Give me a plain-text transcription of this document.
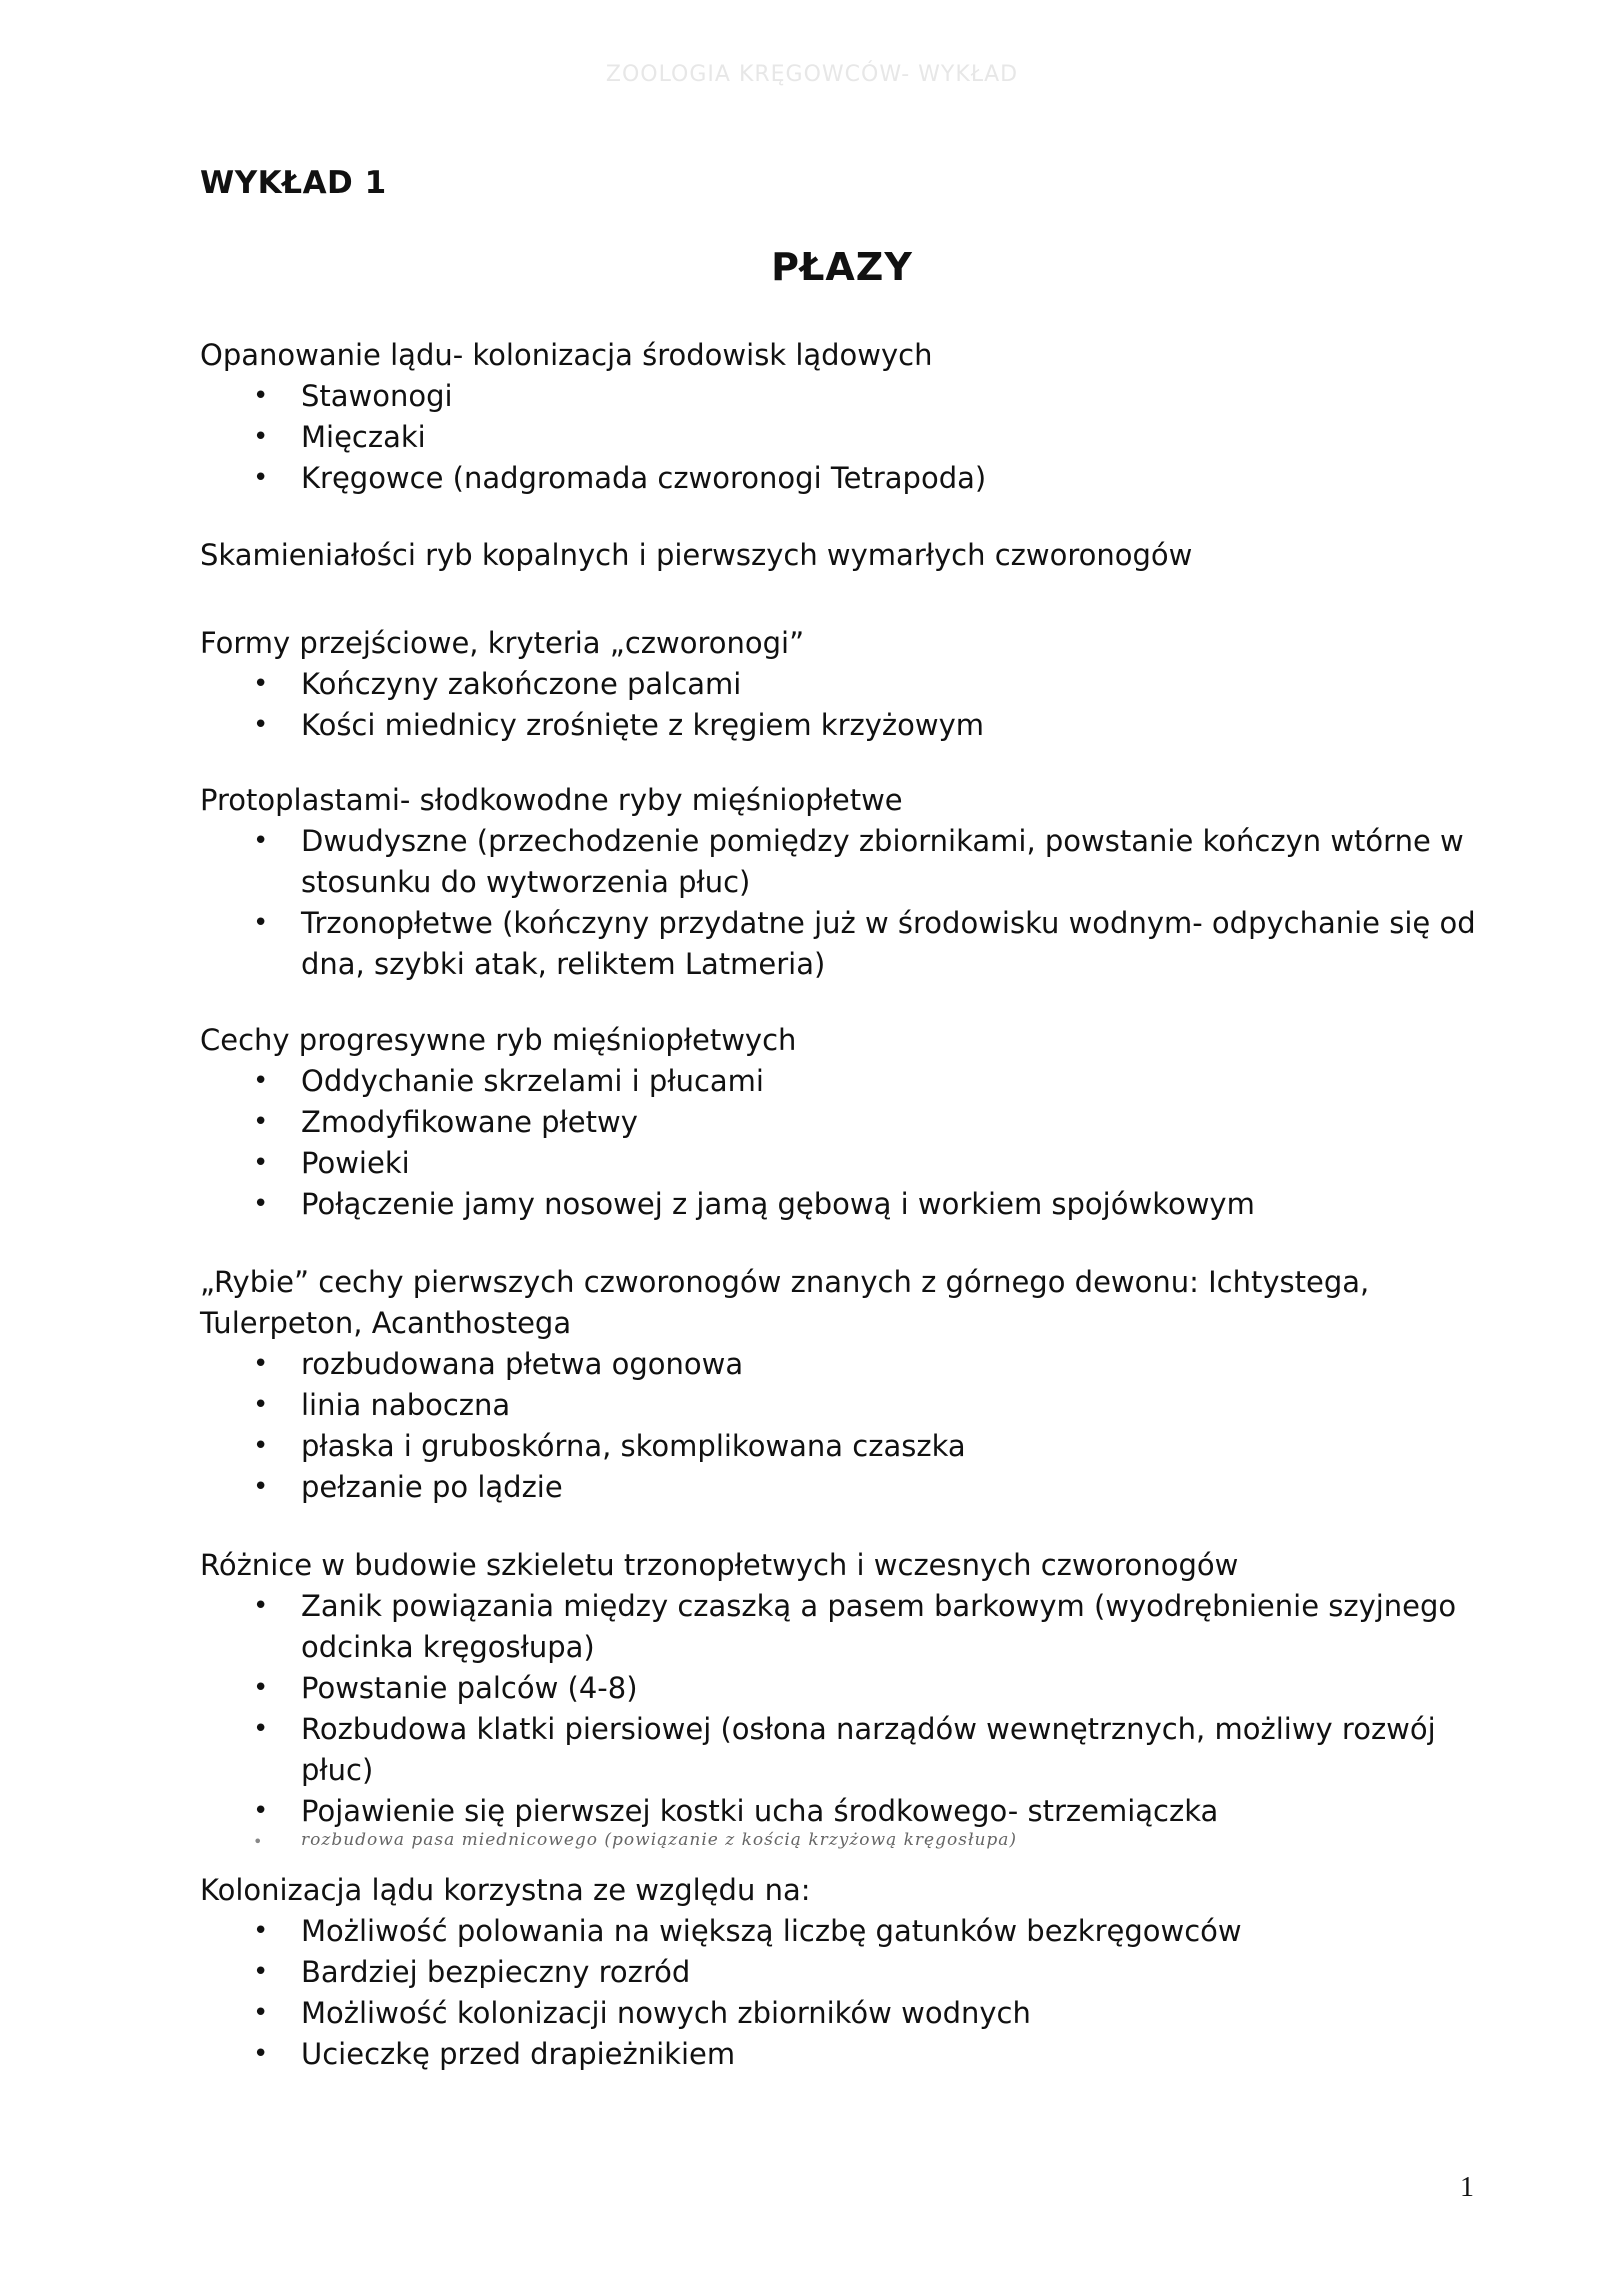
ZOOLOGIA KRĘGOWCÓW- WYKŁAD
WYKŁAD 1
PŁAZY

Opanowanie lądu- kolonizacja środowisk lądowych

• Stawonogi
• Mięczaki
• Kręgowce (nadgromada czworonogi Tetrapoda)

Skamieniałości ryb kopalnych i pierwszych wymarłych czworonogów

Formy przejściowe, kryteria „czworonogi”

• Kończyny zakończone palcami
• Kości miednicy zrośnięte z kręgiem krzyżowym

Protoplastami- słodkowodne ryby mięśniopłetwe

• Dwudyszne (przechodzenie pomiędzy zbiornikami, powstanie kończyn wtórne w stosunku do wytworzenia płuc)
• Trzonopłetwe (kończyny przydatne już w środowisku wodnym- odpychanie się od dna, szybki atak, reliktem Latmeria)

Cechy progresywne ryb mięśniopłetwych

• Oddychanie skrzelami i płucami
• Zmodyfikowane płetwy
• Powieki
• Połączenie jamy nosowej z jamą gębową i workiem spojówkowym

„Rybie” cechy pierwszych czworonogów znanych z górnego dewonu: Ichtystega, Tulerpeton, Acanthostega

• rozbudowana płetwa ogonowa
• linia naboczna
• płaska i gruboskórna, skomplikowana czaszka
• pełzanie po lądzie

Różnice w budowie szkieletu trzonopłetwych i wczesnych czworonogów

• Zanik powiązania między czaszką a pasem barkowym (wyodrębnienie szyjnego odcinka kręgosłupa)
• Powstanie palców (4-8)
• Rozbudowa klatki piersiowej (osłona narządów wewnętrznych, możliwy rozwój płuc)
• Pojawienie się pierwszej kostki ucha środkowego- strzemiączka
• rozbudowa pasa miednicowego (powiązanie z kością krzyżową kręgosłupa)

Kolonizacja lądu korzystna ze względu na:

• Możliwość polowania na większą liczbę gatunków bezkręgowców
• Bardziej bezpieczny rozród
• Możliwość kolonizacji nowych zbiorników wodnych
• Ucieczkę przed drapieżnikiem
1
